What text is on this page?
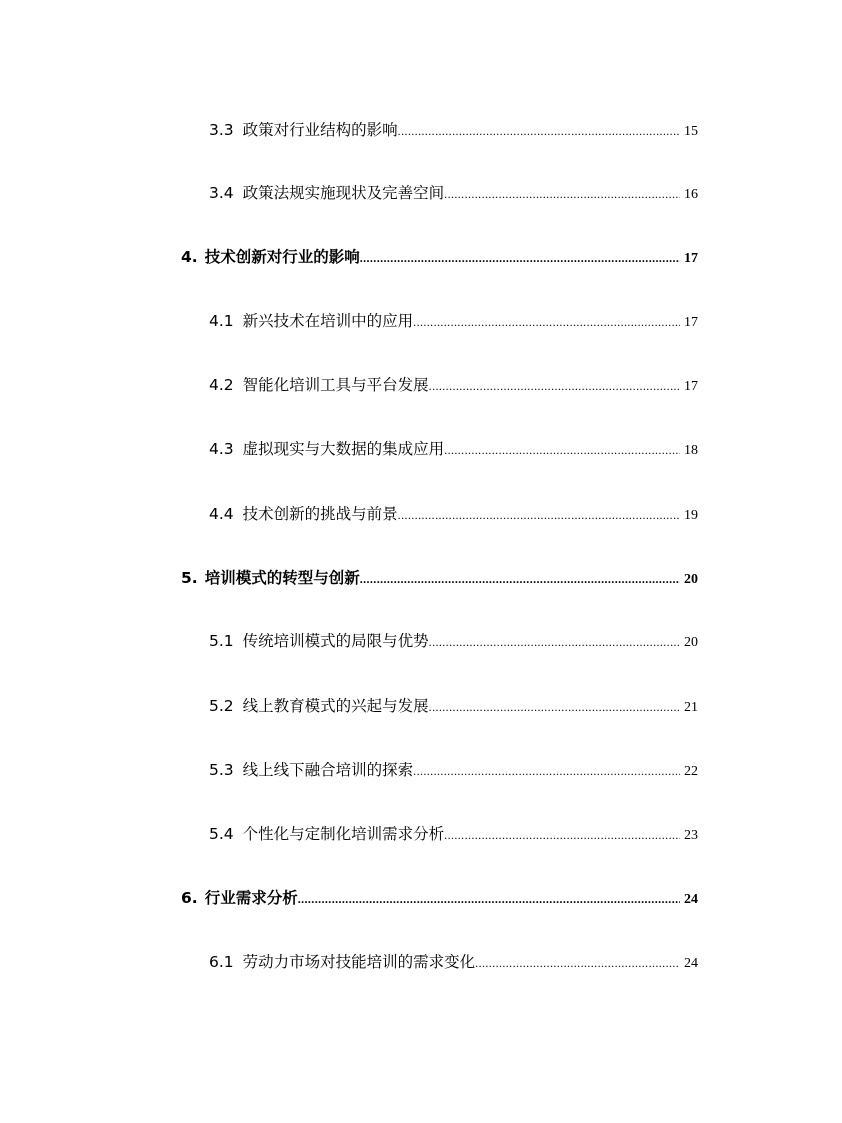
3.3 政策对行业结构的影响 .....	15
3.4 政策法规实施现状及完善空间 .....	16
4. 技术创新对行业的影响 .....	17
4.1 新兴技术在培训中的应用 .....	17
4.2 智能化培训工具与平台发展 .....	17
4.3 虚拟现实与大数据的集成应用 .....	18
4.4 技术创新的挑战与前景 .....	19
5. 培训模式的转型与创新 .....	20
5.1 传统培训模式的局限与优势 .....	20
5.2 线上教育模式的兴起与发展 .....	21
5.3 线上线下融合培训的探索 .....	22
5.4 个性化与定制化培训需求分析 .....	23
6. 行业需求分析 .....	24
6.1 劳动力市场对技能培训的需求变化 .....	24
